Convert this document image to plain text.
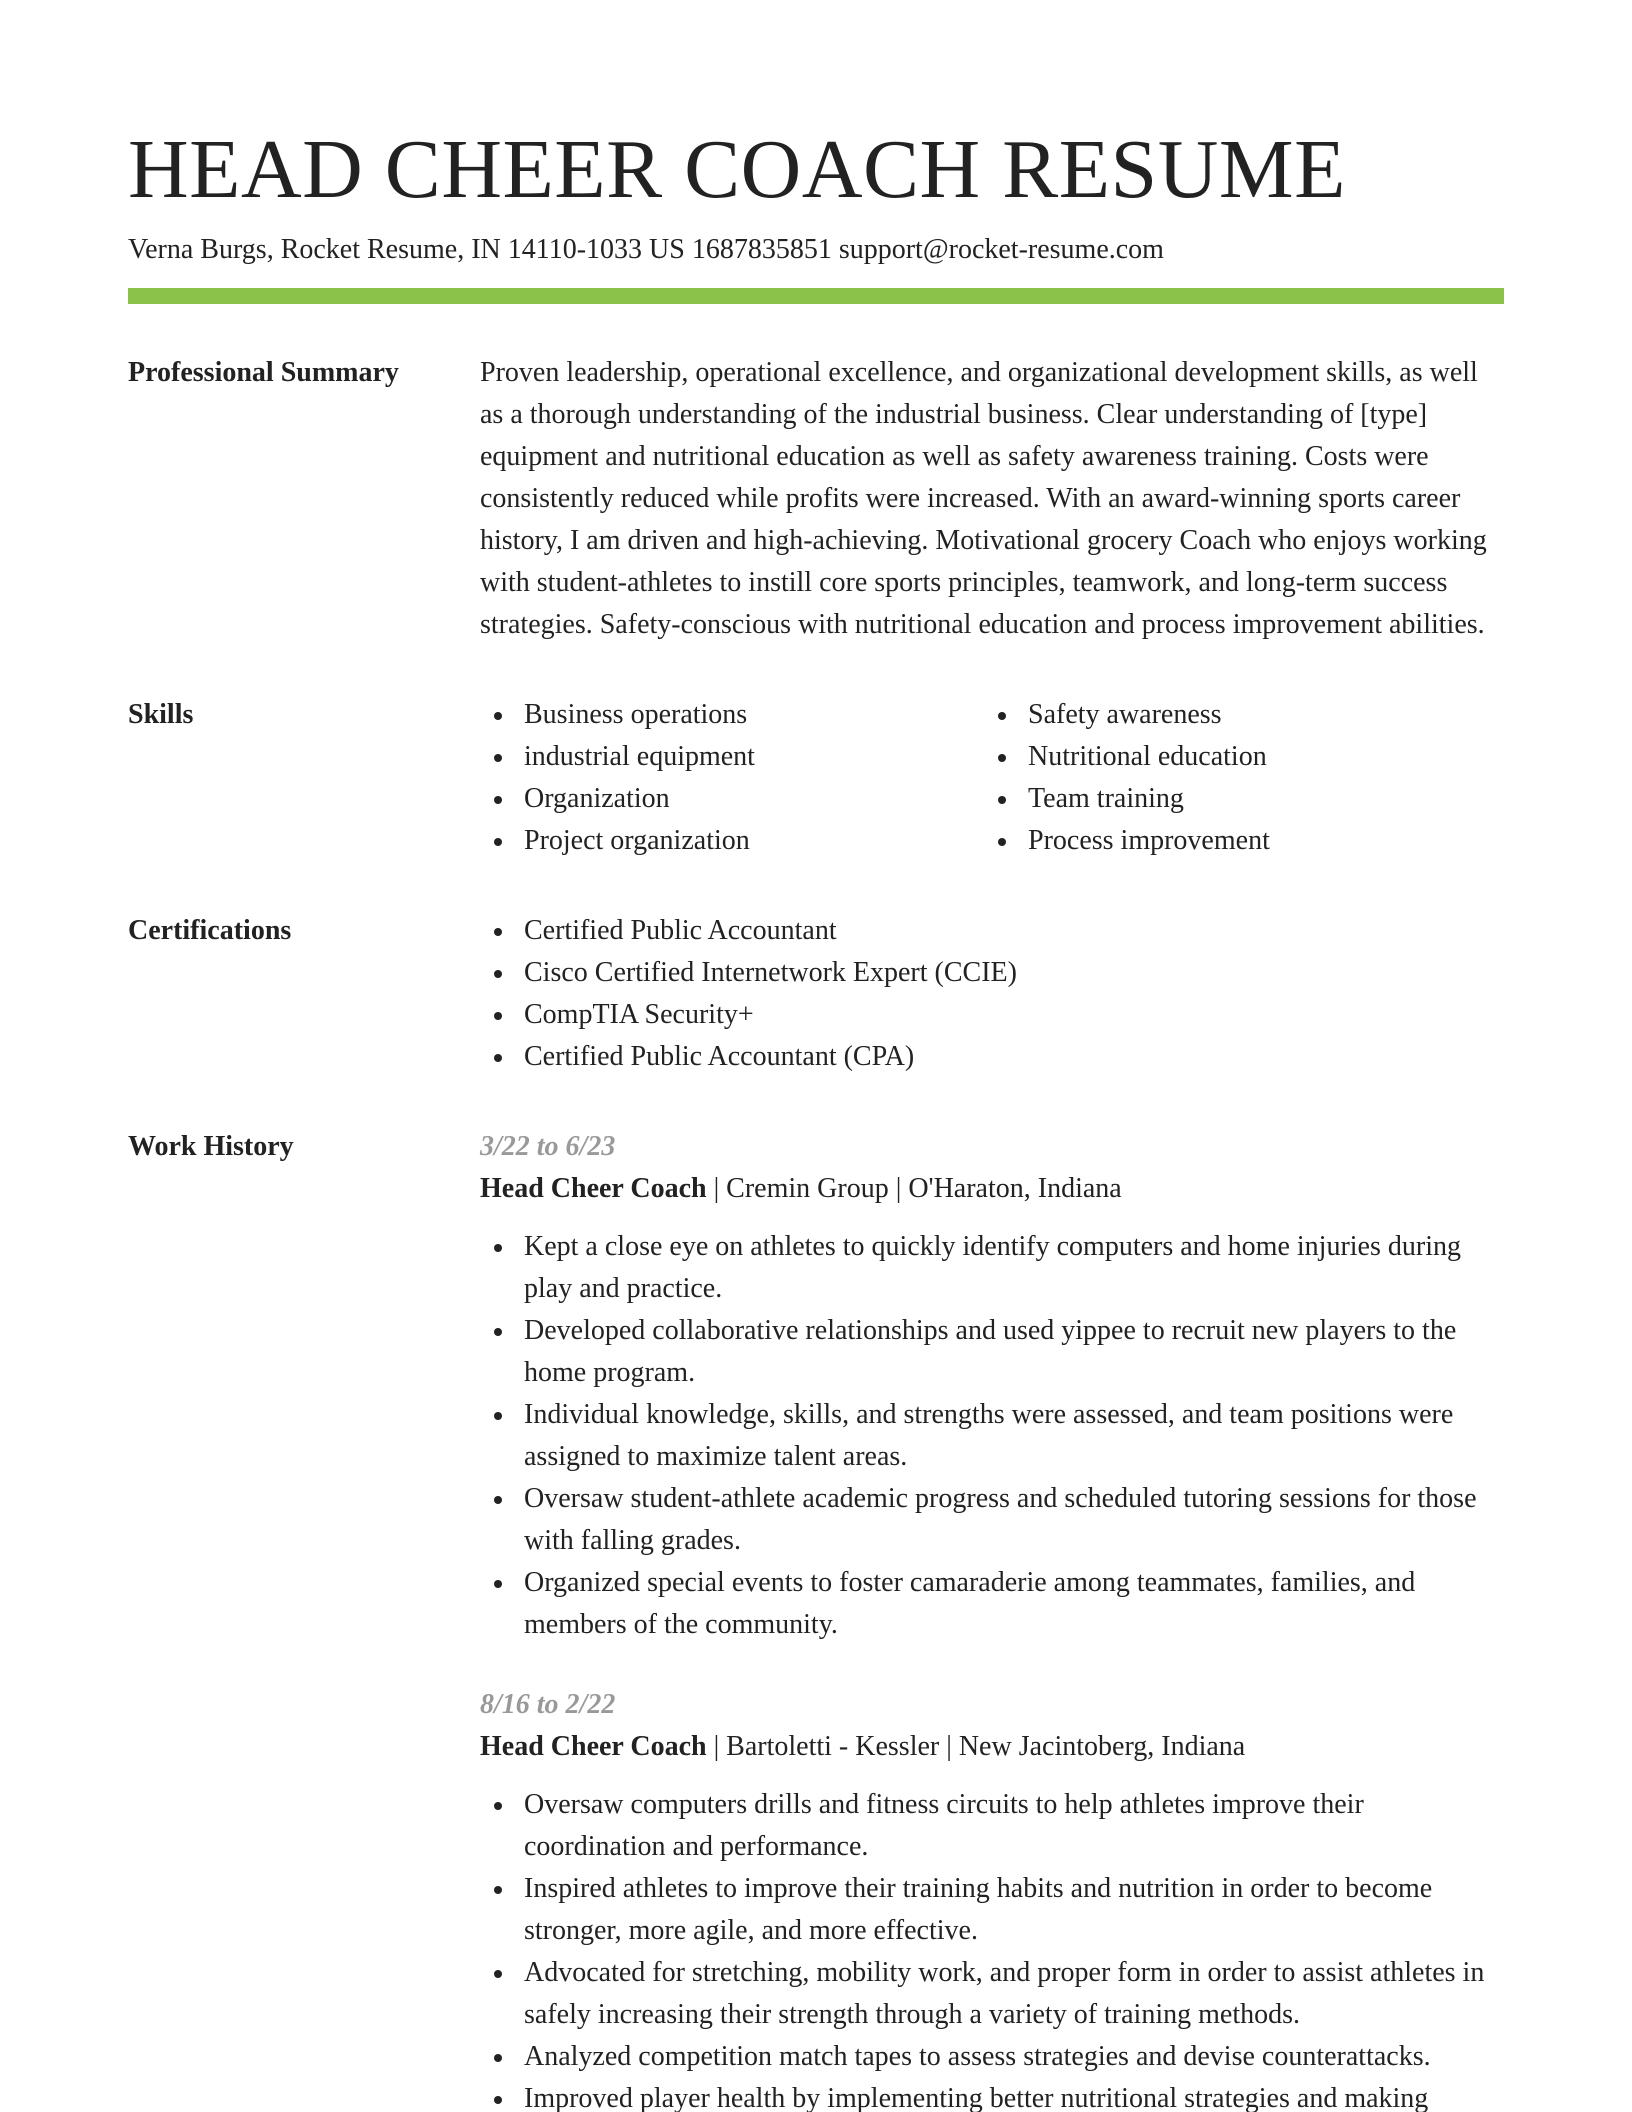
HEAD CHEER COACH RESUME
Verna Burgs, Rocket Resume, IN 14110-1033 US 1687835851 support@rocket-resume.com
Professional Summary	Proven leadership, operational excellence, and organizational development skills, as well as a thorough understanding of the industrial business. Clear understanding of [type] equipment and nutritional education as well as safety awareness training. Costs were consistently reduced while profits were increased. With an award-winning sports career history, I am driven and high-achieving. Motivational grocery Coach who enjoys working with student-athletes to instill core sports principles, teamwork, and long-term success strategies. Safety-conscious with nutritional education and process improvement abilities.

Skills	Business operations
industrial equipment
Organization
Project organization
Safety awareness
Nutritional education
Team training
Process improvement
Certifications	Certified Public Accountant
Cisco Certified Internetwork Expert (CCIE)
CompTIA Security+
Certified Public Accountant (CPA)
Work History	3/22 to 6/23
Head Cheer Coach | Cremin Group | O'Haraton, Indiana
Kept a close eye on athletes to quickly identify computers and home injuries during play and practice.
Developed collaborative relationships and used yippee to recruit new players to the home program.
Individual knowledge, skills, and strengths were assessed, and team positions were assigned to maximize talent areas.
Oversaw student-athlete academic progress and scheduled tutoring sessions for those with falling grades.
Organized special events to foster camaraderie among teammates, families, and members of the community.
8/16 to 2/22
Head Cheer Coach | Bartoletti - Kessler | New Jacintoberg, Indiana
Oversaw computers drills and fitness circuits to help athletes improve their coordination and performance.
Inspired athletes to improve their training habits and nutrition in order to become stronger, more agile, and more effective.
Advocated for stretching, mobility work, and proper form in order to assist athletes in safely increasing their strength through a variety of training methods.
Analyzed competition match tapes to assess strategies and devise counterattacks.
Improved player health by implementing better nutritional strategies and making
